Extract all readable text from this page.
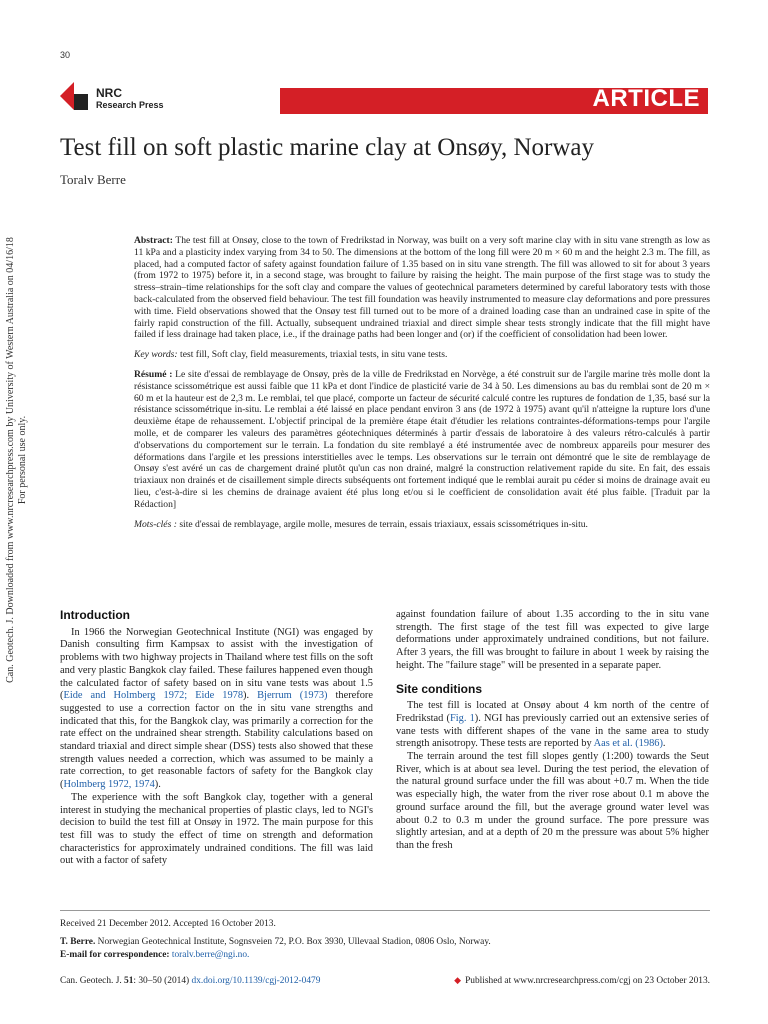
30
NRC
Research Press	ARTICLE
Test fill on soft plastic marine clay at Onsøy, Norway
Toralv Berre
Can. Geotech. J. Downloaded from www.nrcresearchpress.com by University of Western Australia on 04/16/18 For personal use only.

Abstract: The test fill at Onsøy, close to the town of Fredrikstad in Norway, was built on a very soft marine clay with in situ vane strength as low as 11 kPa and a plasticity index varying from 34 to 50. The dimensions at the bottom of the long fill were 20 m × 60 m and the height 2.3 m. The fill, as placed, had a computed factor of safety against foundation failure of 1.35 based on in situ vane strength. The fill was allowed to sit for about 3 years (from 1972 to 1975) before it, in a second stage, was brought to failure by raising the height. The main purpose of the first stage was to study the stress–strain–time relationships for the soft clay and compare the values of geotechnical parameters determined by careful laboratory tests with those back-calculated from the observed field behaviour. The test fill foundation was heavily instrumented to measure clay deformations and pore pressures with time. Field observations showed that the Onsøy test fill turned out to be more of a drained loading case than an undrained case in spite of the fairly rapid construction of the fill. Actually, subsequent undrained triaxial and direct simple shear tests strongly indicate that the fill might have failed if less drainage had taken place, i.e., if the drainage paths had been longer and (or) if the coefficient of consolidation had been lower.

Key words: test fill, Soft clay, field measurements, triaxial tests, in situ vane tests.

Résumé : Le site d'essai de remblayage de Onsøy, près de la ville de Fredrikstad en Norvège, a été construit sur de l'argile marine très molle dont la résistance scissométrique est aussi faible que 11 kPa et dont l'indice de plasticité varie de 34 à 50. Les dimensions au bas du remblai sont de 20 m × 60 m et la hauteur est de 2,3 m. Le remblai, tel que placé, comporte un facteur de sécurité calculé contre les ruptures de fondation de 1,35, basé sur la résistance scissométrique in-situ. Le remblai a été laissé en place pendant environ 3 ans (de 1972 à 1975) avant qu'il n'atteigne la rupture lors d'une deuxième étape de rehaussement. L'objectif principal de la première étape était d'étudier les relations contraintes-déformations-temps pour l'argile molle, et de comparer les valeurs des paramètres géotechniques déterminés à partir d'essais de laboratoire à des valeurs rétro-calculés à partir d'observations du comportement sur le terrain. La fondation du site remblayé a été instrumentée avec de nombreux appareils pour mesurer des déformations dans l'argile et les pressions interstitielles avec le temps. Les observations sur le terrain ont démontré que le site de remblayage de Onsøy s'est avéré un cas de chargement drainé plutôt qu'un cas non drainé, malgré la construction relativement rapide du site. En fait, des essais triaxiaux non drainés et de cisaillement simple directs subséquents ont fortement indiqué que le remblai aurait pu céder si moins de drainage avait eu lieu, c'est-à-dire si les chemins de drainage avaient été plus long et/ou si le coefficient de consolidation avait été plus faible. [Traduit par la Rédaction]

Mots-clés : site d'essai de remblayage, argile molle, mesures de terrain, essais triaxiaux, essais scissométriques in-situ.

Introduction

In 1966 the Norwegian Geotechnical Institute (NGI) was engaged by Danish consulting firm Kampsax to assist with the investigation of problems with two highway projects in Thailand where test fills on the soft and very plastic Bangkok clay failed. These failures happened even though the calculated factor of safety based on in situ vane tests was about 1.5 (Eide and Holmberg 1972; Eide 1978). Bjerrum (1973) therefore suggested to use a correction factor on the in situ vane strengths and indicated that this, for the Bangkok clay, was primarily a correction for the rate effect on the undrained shear strength. Stability calculations based on standard triaxial and direct simple shear (DSS) tests also showed that these strength values needed a correction, which was assumed to be mainly a rate correction, to get reasonable factors of safety for the Bangkok clay (Holmberg 1972, 1974).

The experience with the soft Bangkok clay, together with a general interest in studying the mechanical properties of plastic clays, led to NGI's decision to build the test fill at Onsøy in 1972. The main purpose for this test fill was to study the effect of time on strength and deformation characteristics for approximately undrained conditions. The fill was laid out with a factor of safety

against foundation failure of about 1.35 according to the in situ vane strength. The first stage of the test fill was expected to give large deformations under approximately undrained conditions, but not failure. After 3 years, the fill was brought to failure in about 1 week by raising the height. The "failure stage" will be presented in a separate paper.

Site conditions

The test fill is located at Onsøy about 4 km north of the centre of Fredrikstad (Fig. 1). NGI has previously carried out an extensive series of vane tests with different shapes of the vane in the same area to study strength anisotropy. These tests are reported by Aas et al. (1986).

The terrain around the test fill slopes gently (1:200) towards the Seut River, which is at about sea level. During the test period, the elevation of the natural ground surface under the fill was about +0.7 m. When the tide was especially high, the water from the river rose about 0.1 m above the ground surface around the fill, but the average ground water level was about 0.2 to 0.3 m under the ground surface. The pore pressure was slightly artesian, and at a depth of 20 m the pressure was about 5% higher than the fresh

Received 21 December 2012. Accepted 16 October 2013.
T. Berre. Norwegian Geotechnical Institute, Sognsveien 72, P.O. Box 3930, Ullevaal Stadion, 0806 Oslo, Norway.
E-mail for correspondence: toralv.berre@ngi.no.
Can. Geotech. J. 51: 30–50 (2014) dx.doi.org/10.1139/cgj-2012-0479	◆ Published at www.nrcresearchpress.com/cgj on 23 October 2013.
